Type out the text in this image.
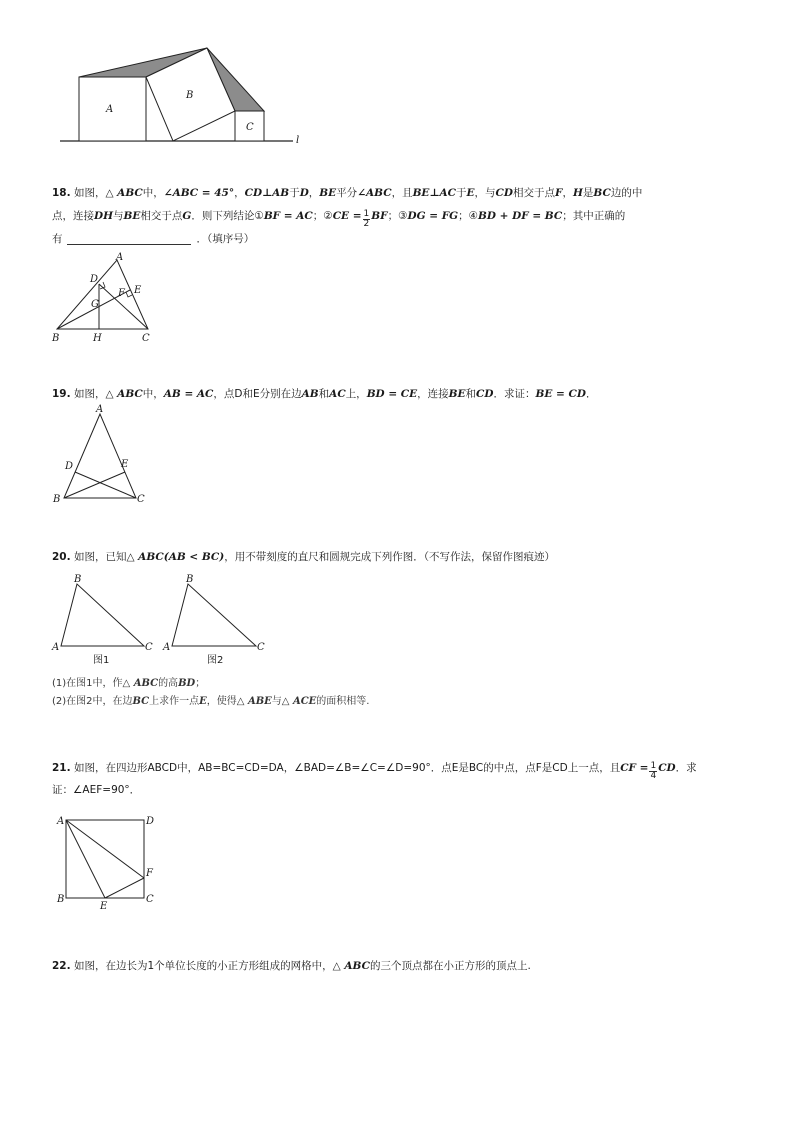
A
B
C
l
18. 如图，△ ABC中，∠ABC = 45°，CD⊥AB于D，BE平分∠ABC，且BE⊥AC于E，与CD相交于点F，H是BC边的中
点，连接DH与BE相交于点G．则下列结论①BF = AC；②CE = $\frac{1}{2}$ BF；③DG = FG；④BD + DF = BC；其中正确的
有	．（填序号）
A
D
E
F
G
B	H	C
19. 如图，△ ABC中，AB = AC，点D和E分别在边AB和AC上，BD = CE，连接BE和CD．求证：BE = CD．
A
D	E
B	C
20. 如图，已知△ ABC(AB < BC)，用不带刻度的直尺和圆规完成下列作图．（不写作法，保留作图痕迹）
B
A	C
B
A	C
图1	图2
(1)在图1中，作△ ABC的高BD；
(2)在图2中，在边BC上求作一点E，使得△ ABE与△ ACE的面积相等.
21. 如图，在四边形ABCD中，AB=BC=CD=DA，∠BAD=∠B=∠C=∠D=90°．点E是BC的中点，点F是CD上一点，且CF = $\frac{1}{4}$ CD．求
证：∠AEF=90°．
A	D
F
B
E
C
22. 如图，在边长为1个单位长度的小正方形组成的网格中，△ ABC的三个顶点都在小正方形的顶点上.
